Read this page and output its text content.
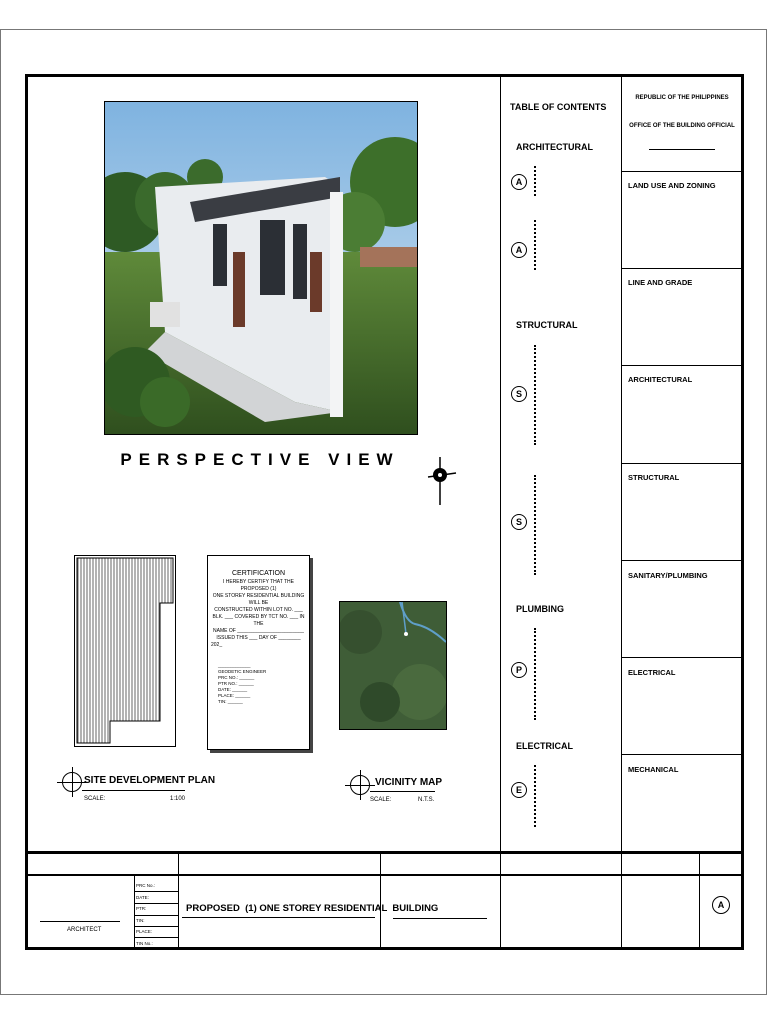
PERSPECTIVE VIEW
SITE DEVELOPMENT PLAN
SCALE:	1:100
CERTIFICATION
I HEREBY CERTIFY THAT THE PROPOSED (1)
ONE STOREY RESIDENTIAL BUILDING WILL BE
CONSTRUCTED WITHIN LOT NO. ___
BLK. ___ COVERED BY TCT NO. ___ IN THE
NAME OF ________________________
ISSUED THIS ___ DAY OF ________
202_
_____________
GEODETIC ENGINEER
PRC NO.: ______
PTR NO.: ______
DATE: ______
PLACE: ______
TIN: ______
VICINITY MAP
SCALE:	N.T.S.
TABLE OF CONTENTS
ARCHITECTURAL
A
A
STRUCTURAL
S
S
PLUMBING
P
ELECTRICAL
E
REPUBLIC OF THE PHILIPPINES
OFFICE OF THE BUILDING OFFICIAL
LAND USE AND ZONING
LINE AND GRADE
ARCHITECTURAL
STRUCTURAL
SANITARY/PLUMBING
ELECTRICAL
MECHANICAL
ARCHITECT
PRC No.:
DATE:
PTR:
TIN:
PLACE:
TIN No.:
PROPOSED  (1) ONE STOREY RESIDENTIAL  BUILDING	A
